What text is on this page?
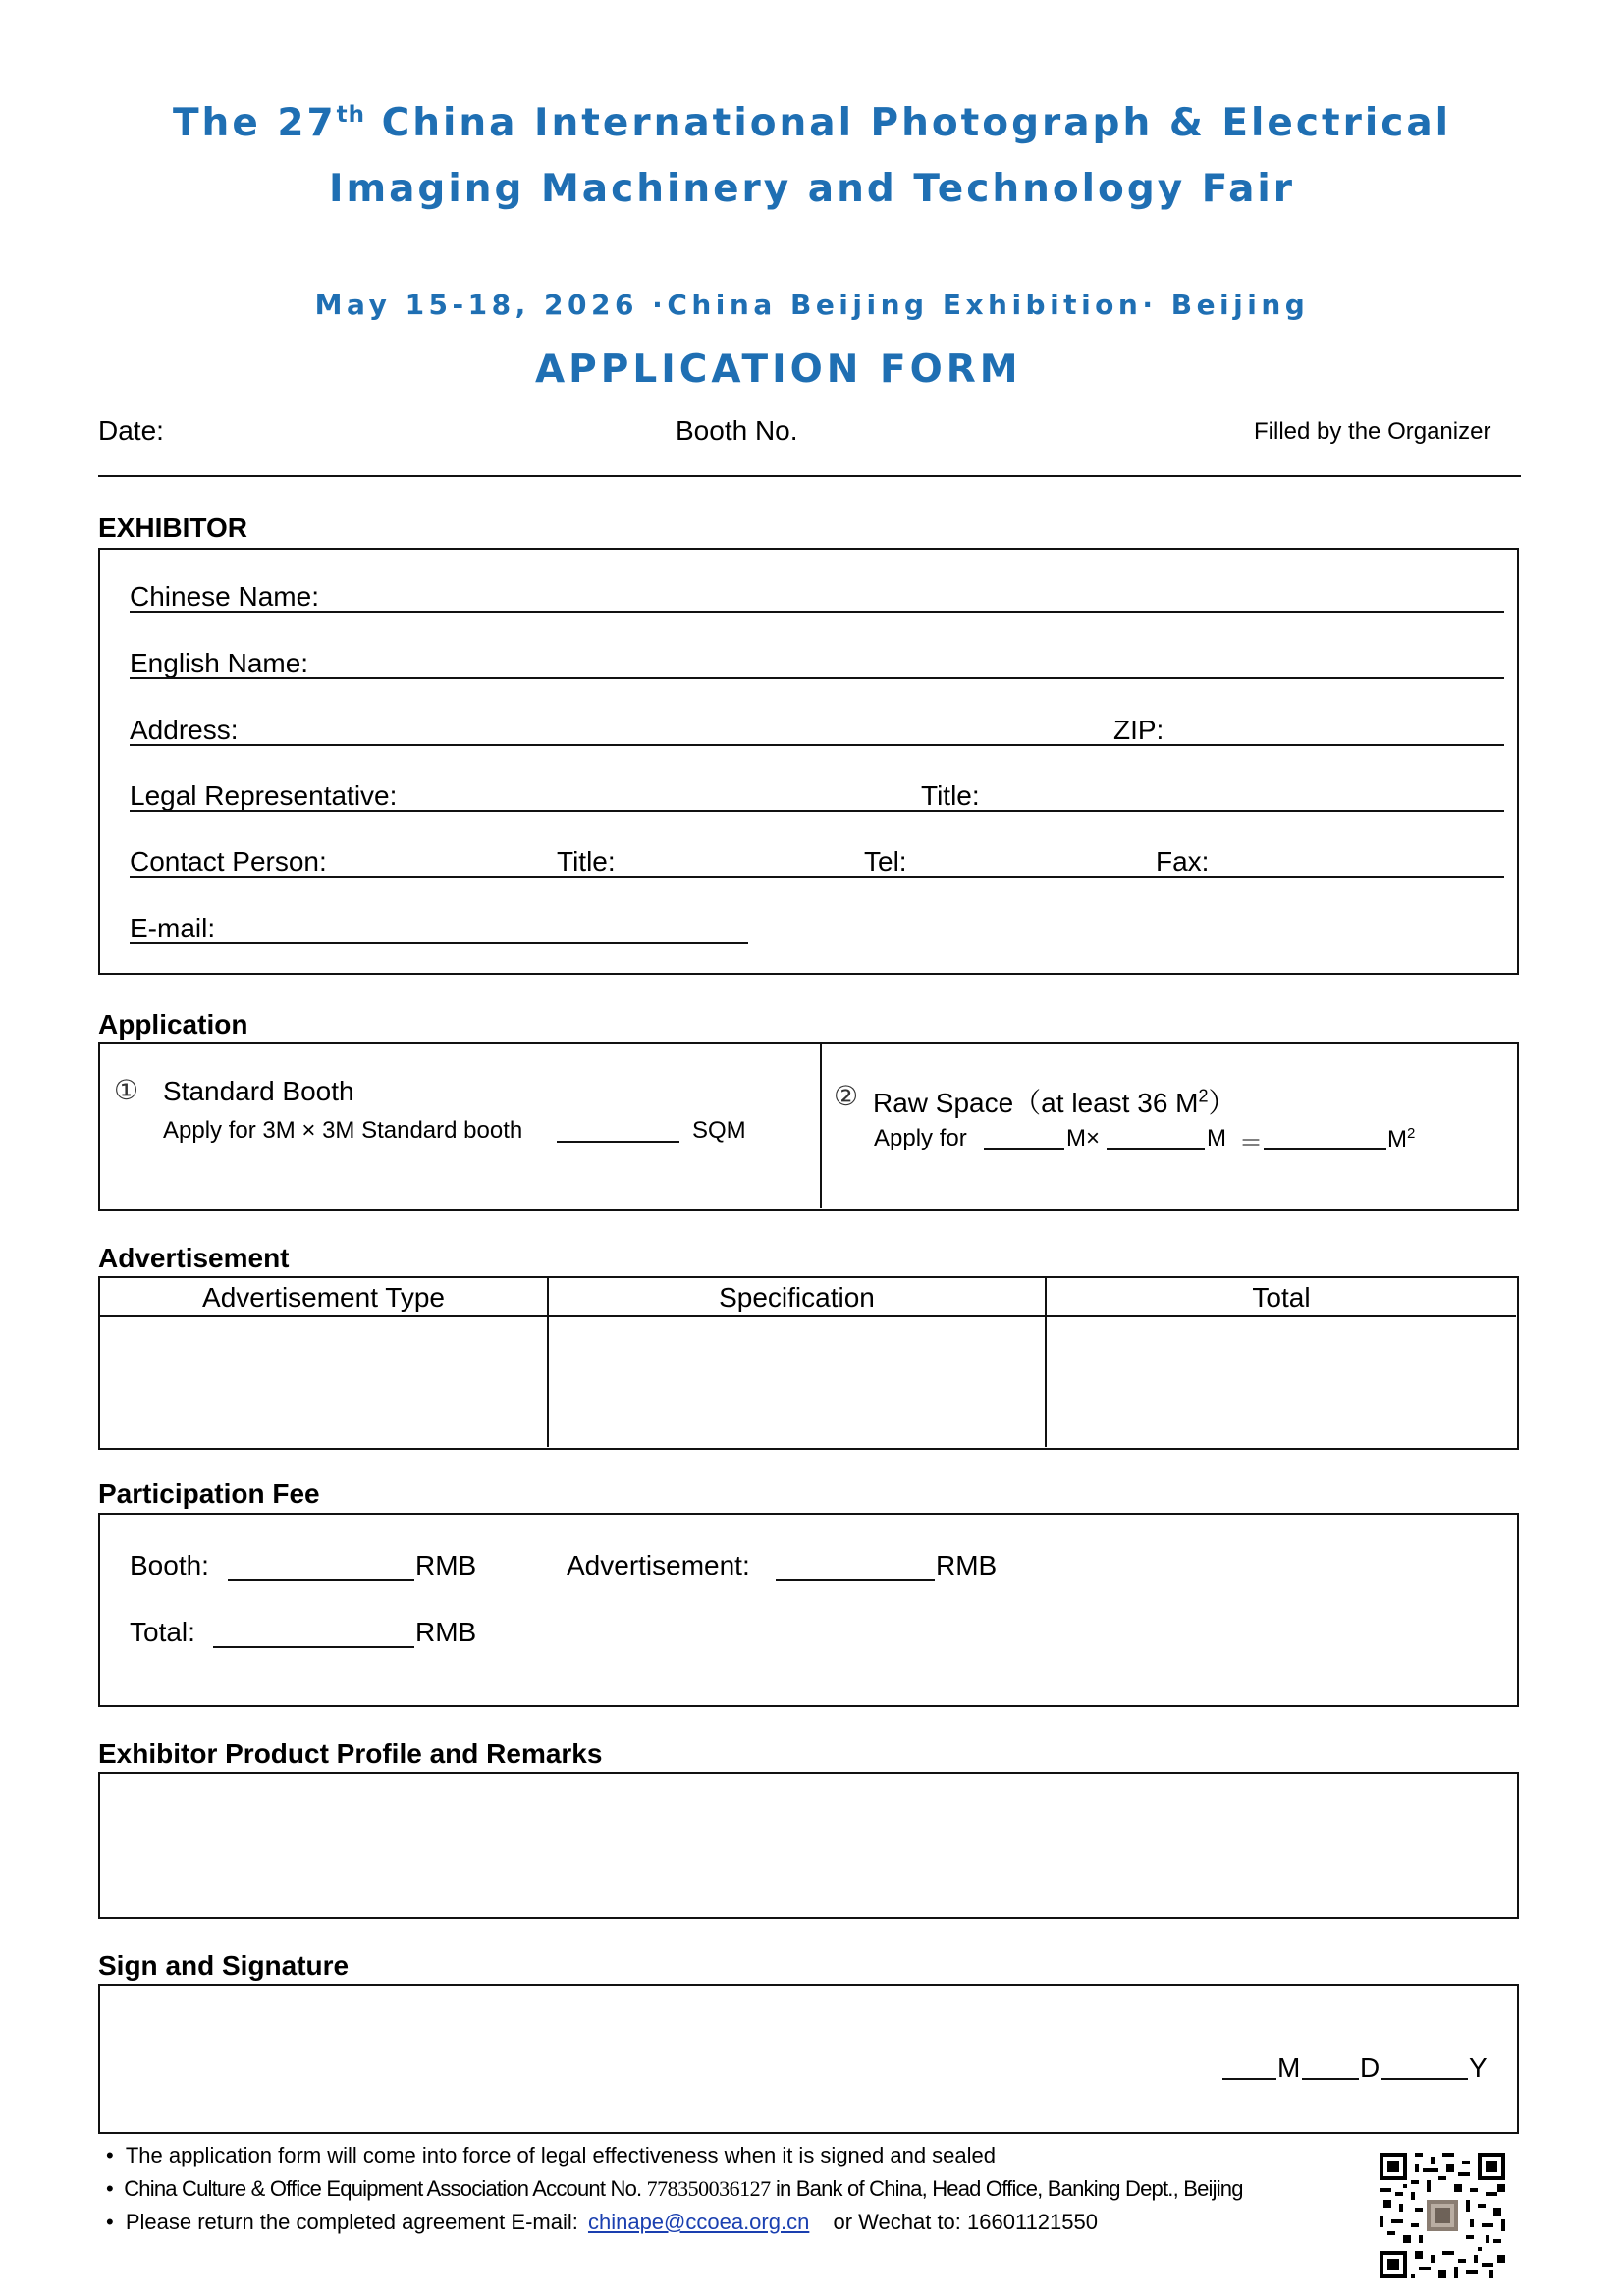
The 27th China International Photograph & Electrical
Imaging Machinery and Technology Fair
May 15-18, 2026 ·China Beijing Exhibition· Beijing
APPLICATION FORM
Date:	Booth No.	Filled by the Organizer
EXHIBITOR
Chinese Name:
English Name:
Address:	ZIP:
Legal Representative:	Title:
Contact Person:	Title:	Tel:	Fax:
E-mail:
Application
① Standard Booth
Apply for 3M × 3M Standard booth	SQM
② Raw Space（at least 36 $M^2$）
Apply for	M×	M ＝	$M^2$
Advertisement
Advertisement Type	Specification	Total
Participation Fee
Booth:	RMB	Advertisement:	RMB
Total:	RMB
Exhibitor Product Profile and Remarks
Sign and Signature
M D	Y
• The application form will come into force of legal effectiveness when it is signed and sealed
• China Culture & Office Equipment Association Account No. 778350036127 in Bank of China, Head Office, Banking Dept., Beijing
• Please return the completed agreement E-mail: chinape@ccoea.org.cn or Wechat to: 16601121550
